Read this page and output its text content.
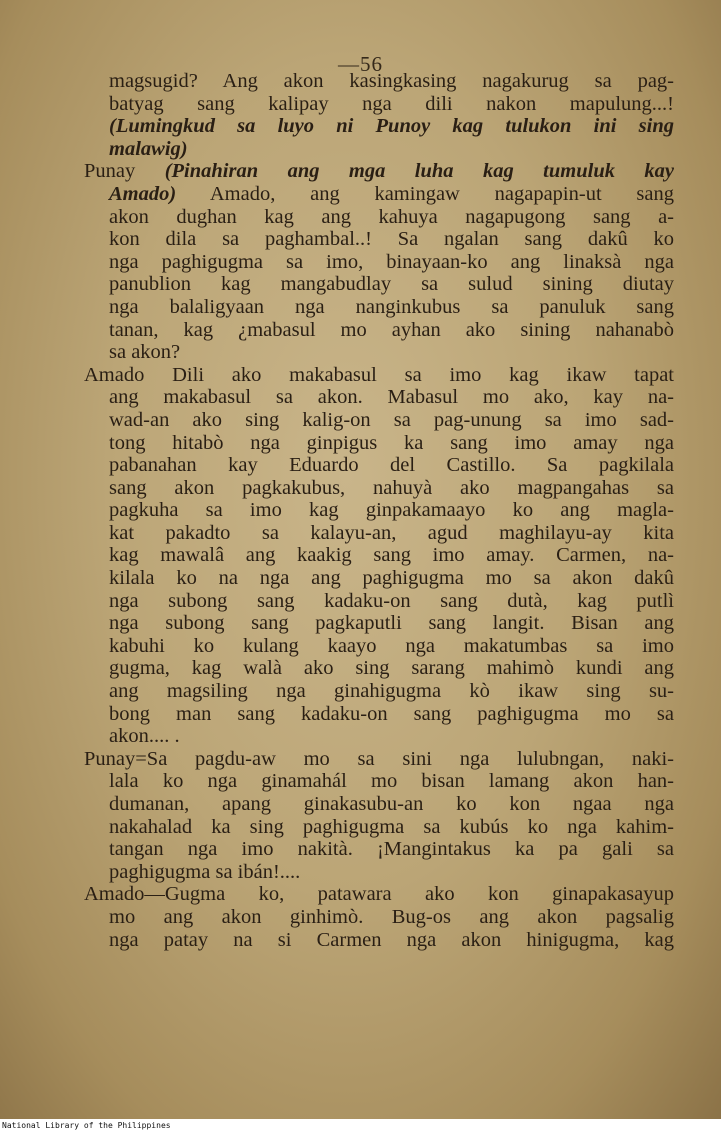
—56
magsugid? Ang akon kasingkasing nagakurug sa pag-
batyag sang kalipay nga dili nakon mapulung...!
(Lumingkud sa luyo ni Punoy kag tulukon ini sing
malawig)
Punay (Pinahiran ang mga luha kag tumuluk kay
Amado) Amado, ang kamingaw nagapapin-ut sang
akon dughan kag ang kahuya nagapugong sang a-
kon dila sa paghambal..! Sa ngalan sang dakû ko
nga paghigugma sa imo, binayaan-ko ang linaksà nga
panublion kag mangabudlay sa sulud sining diutay
nga balaligyaan nga nanginkubus sa panuluk sang
tanan, kag ¿mabasul mo ayhan ako sining nahanabò
sa akon?
Amado Dili ako makabasul sa imo kag ikaw tapat
ang makabasul sa akon. Mabasul mo ako, kay na-
wad-an ako sing kalig-on sa pag-unung sa imo sad-
tong hitabò nga ginpigus ka sang imo amay nga
pabanahan kay Eduardo del Castillo. Sa pagkilala
sang akon pagkakubus, nahuyà ako magpangahas sa
pagkuha sa imo kag ginpakamaayo ko ang magla-
kat pakadto sa kalayu-an, agud maghilayu-ay kita
kag mawalâ ang kaakig sang imo amay. Carmen, na-
kilala ko na nga ang paghigugma mo sa akon dakû
nga subong sang kadaku-on sang dutà, kag putlì
nga subong sang pagkaputli sang langit. Bisan ang
kabuhi ko kulang kaayo nga makatumbas sa imo
gugma, kag walà ako sing sarang mahimò kundi ang
ang magsiling nga ginahigugma kò ikaw sing su-
bong man sang kadaku-on sang paghigugma mo sa
akon.... .
Punay=Sa pagdu-aw mo sa sini nga lulubngan, naki-
lala ko nga ginamahál mo bisan lamang akon han-
dumanan, apang ginakasubu-an ko kon ngaa nga
nakahalad ka sing paghigugma sa kubús ko nga kahim-
tangan nga imo nakità. ¡Mangintakus ka pa gali sa
paghigugma sa ibán!....
Amado—Gugma ko, patawara ako kon ginapakasayup
mo ang akon ginhimò. Bug-os ang akon pagsalig
nga patay na si Carmen nga akon hinigugma, kag
National Library of the Philippines
